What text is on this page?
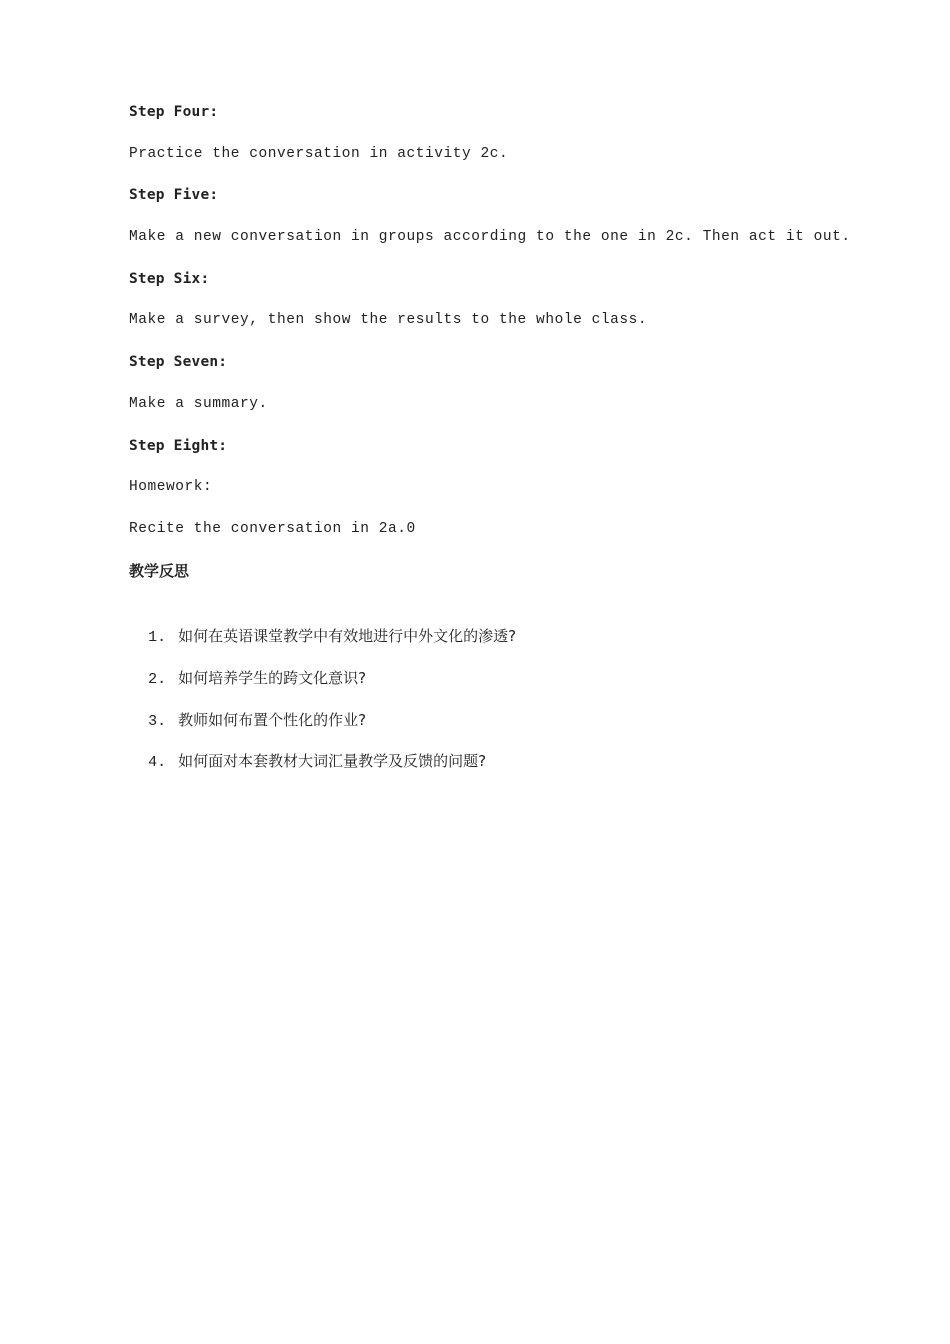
Step Four:
Practice the conversation in activity 2c.
Step Five:
Make a new conversation in groups according to the one in 2c. Then act it out.
Step Six:
Make a survey, then show the results to the whole class.
Step Seven:
Make a summary.
Step Eight:
Homework:
Recite the conversation in 2a.0
教学反思

1. 如何在英语课堂教学中有效地进行中外文化的渗透?

2. 如何培养学生的跨文化意识?

3. 教师如何布置个性化的作业?

4. 如何面对本套教材大词汇量教学及反馈的问题?
